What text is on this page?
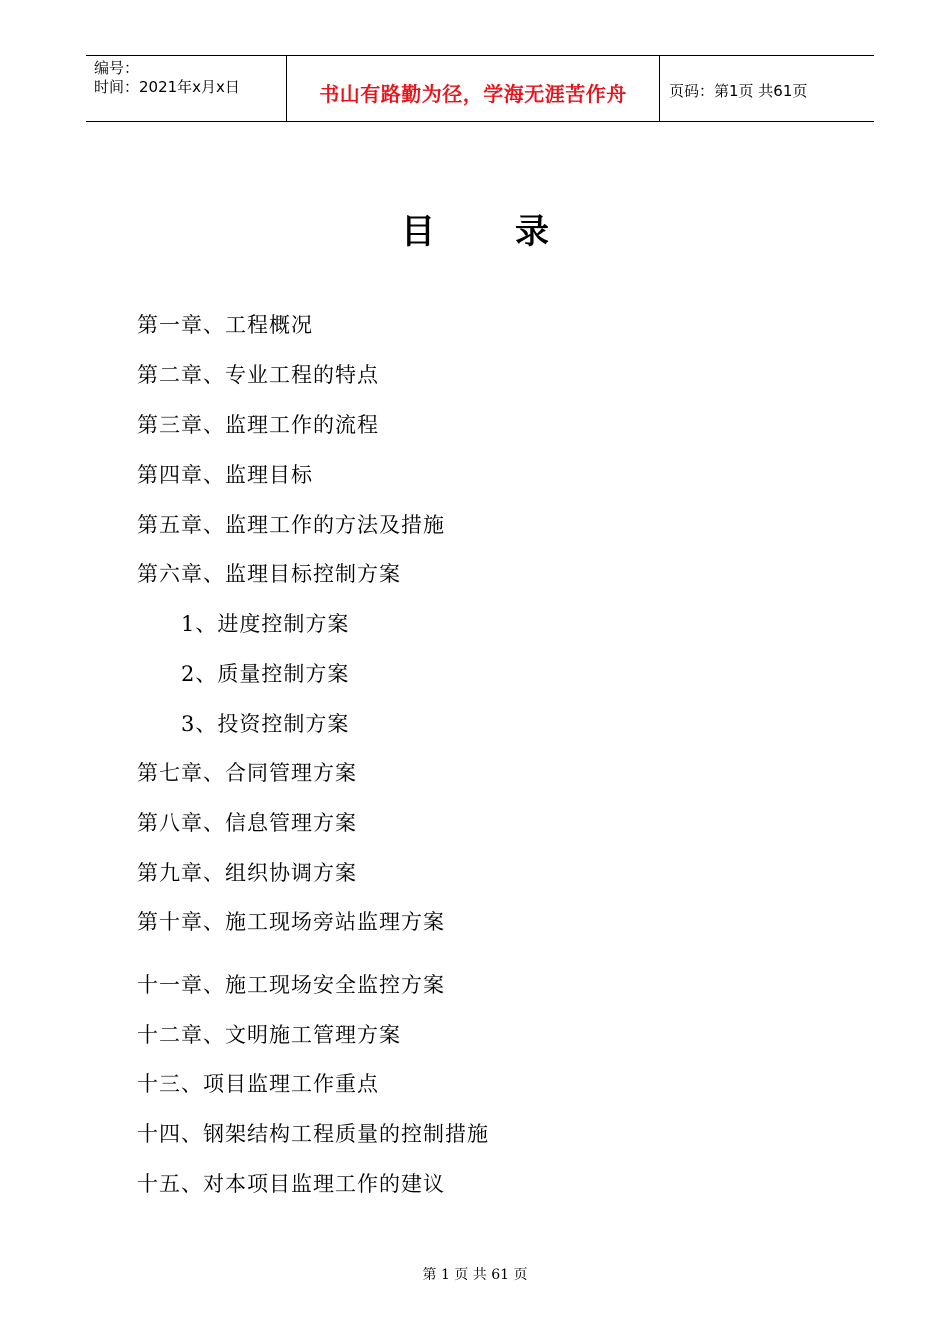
编号：
时间：2021年x月x日	书山有路勤为径，学海无涯苦作舟	页码：第1页 共61页
目录
第一章、工程概况
第二章、专业工程的特点
第三章、监理工作的流程
第四章、监理目标
第五章、监理工作的方法及措施
第六章、监理目标控制方案
1、进度控制方案
2、质量控制方案
3、投资控制方案
第七章、合同管理方案
第八章、信息管理方案
第九章、组织协调方案
第十章、施工现场旁站监理方案
十一章、施工现场安全监控方案
十二章、文明施工管理方案
十三、项目监理工作重点
十四、钢架结构工程质量的控制措施
十五、对本项目监理工作的建议
第 1 页 共 61 页
